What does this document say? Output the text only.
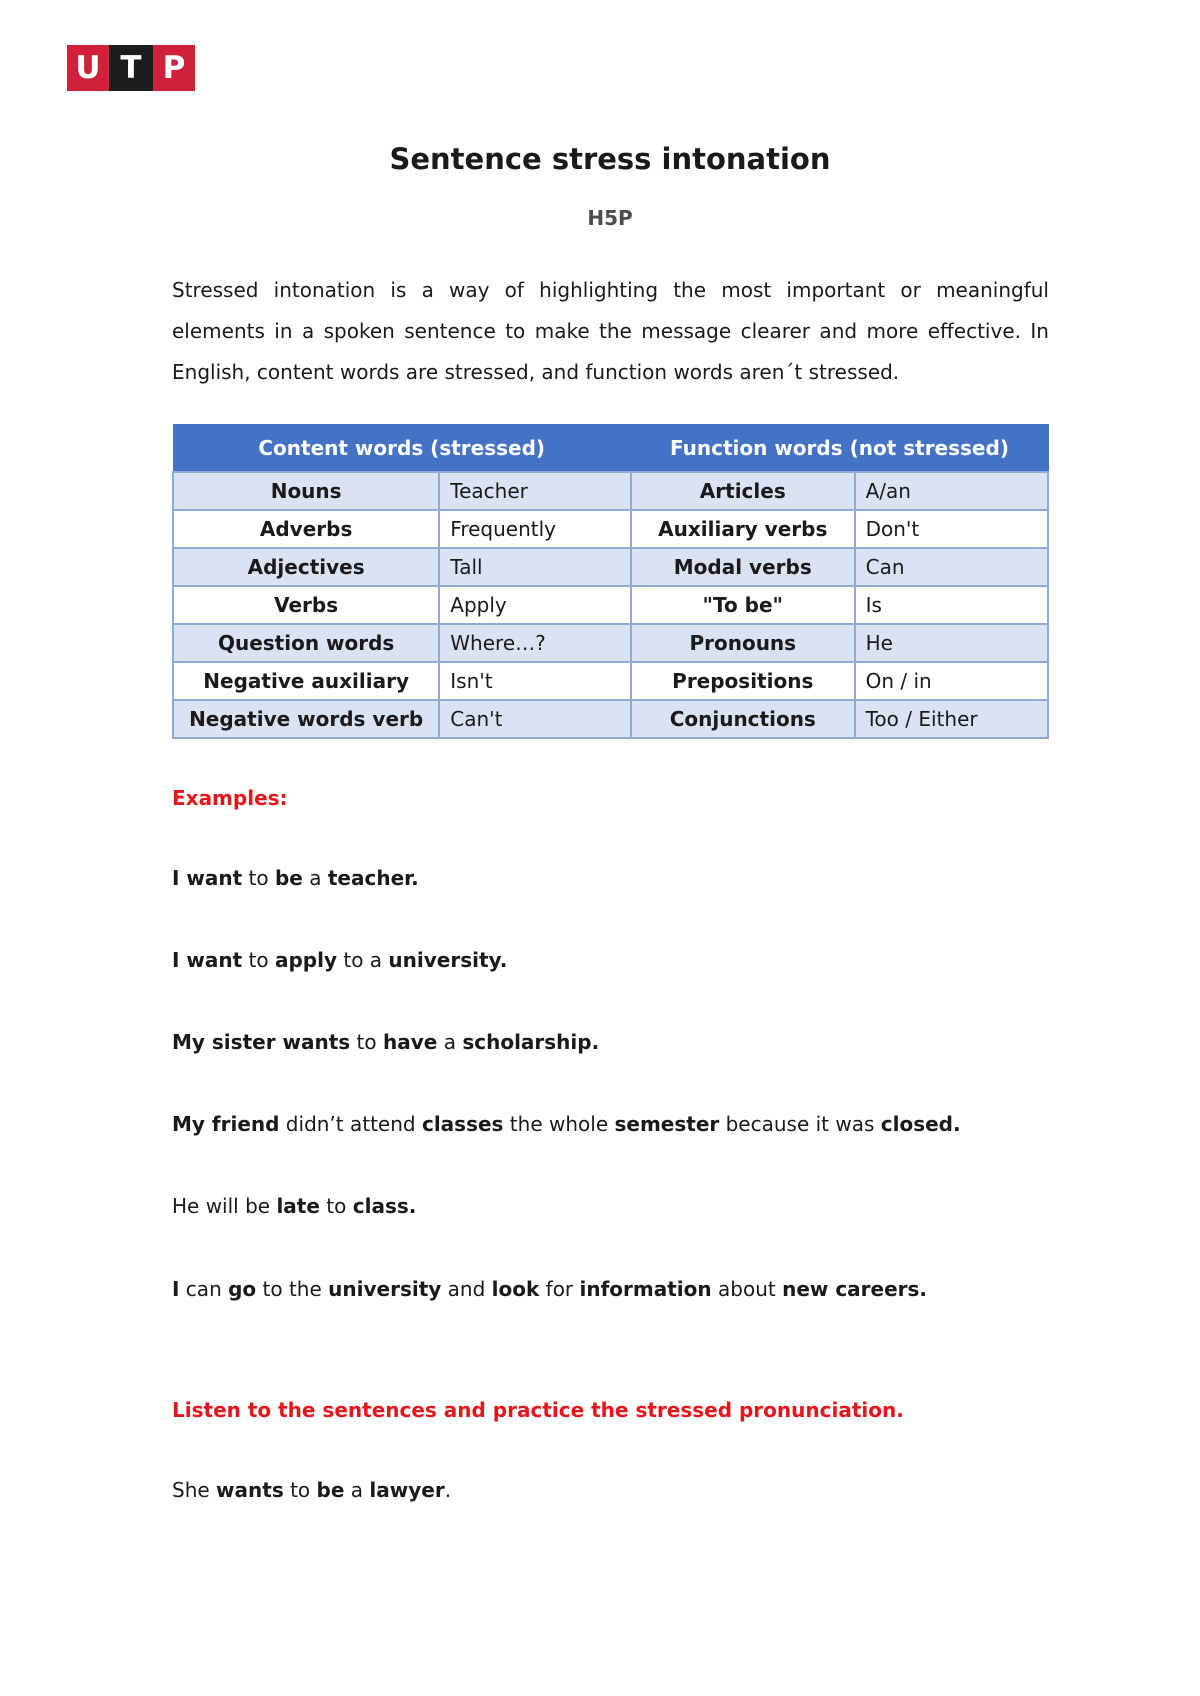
U T P
Sentence stress intonation
H5P

Stressed intonation is a way of highlighting the most important or meaningful elements in a spoken sentence to make the message clearer and more effective. In English, content words are stressed, and function words aren´t stressed.

Content words (stressed)		Function words (not stressed)	
Nouns	Teacher	Articles	A/an
Adverbs	Frequently	Auxiliary verbs	Don't
Adjectives	Tall	Modal verbs	Can
Verbs	Apply	"To be"	Is
Question words	Where…?	Pronouns	He
Negative auxiliary	Isn't	Prepositions	On / in
Negative words verb	Can't	Conjunctions	Too / Either
Examples:
I want to be a teacher.
I want to apply to a university.
My sister wants to have a scholarship.
My friend didn’t attend classes the whole semester because it was closed.
He will be late to class.
I can go to the university and look for information about new careers.
Listen to the sentences and practice the stressed pronunciation.
She wants to be a lawyer.
